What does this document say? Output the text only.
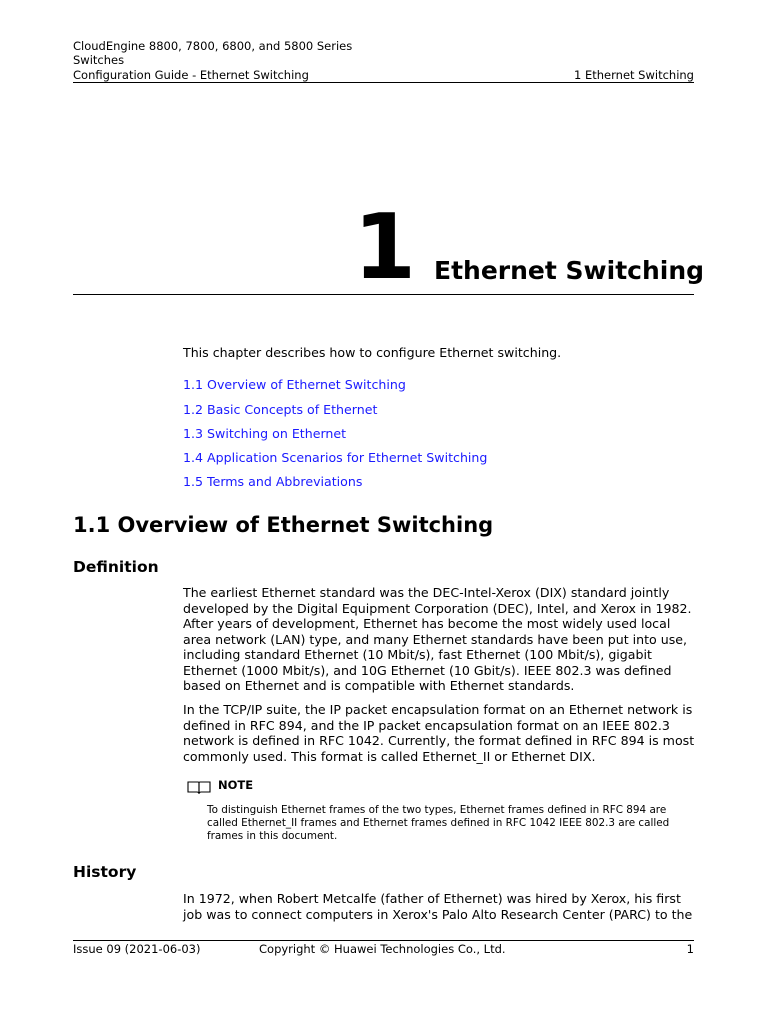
CloudEngine 8800, 7800, 6800, and 5800 Series
Switches
Configuration Guide - Ethernet Switching	1 Ethernet Switching
1 Ethernet Switching
This chapter describes how to configure Ethernet switching.
1.1 Overview of Ethernet Switching
1.2 Basic Concepts of Ethernet
1.3 Switching on Ethernet
1.4 Application Scenarios for Ethernet Switching
1.5 Terms and Abbreviations
1.1 Overview of Ethernet Switching
Definition
The earliest Ethernet standard was the DEC-Intel-Xerox (DIX) standard jointly developed by the Digital Equipment Corporation (DEC), Intel, and Xerox in 1982. After years of development, Ethernet has become the most widely used local area network (LAN) type, and many Ethernet standards have been put into use, including standard Ethernet (10 Mbit/s), fast Ethernet (100 Mbit/s), gigabit Ethernet (1000 Mbit/s), and 10G Ethernet (10 Gbit/s). IEEE 802.3 was defined based on Ethernet and is compatible with Ethernet standards.
In the TCP/IP suite, the IP packet encapsulation format on an Ethernet network is defined in RFC 894, and the IP packet encapsulation format on an IEEE 802.3 network is defined in RFC 1042. Currently, the format defined in RFC 894 is most commonly used. This format is called Ethernet_II or Ethernet DIX.
NOTE
To distinguish Ethernet frames of the two types, Ethernet frames defined in RFC 894 are called Ethernet_II frames and Ethernet frames defined in RFC 1042 IEEE 802.3 are called frames in this document.
History
In 1972, when Robert Metcalfe (father of Ethernet) was hired by Xerox, his first job was to connect computers in Xerox's Palo Alto Research Center (PARC) to the
Issue 09 (2021-06-03)	Copyright © Huawei Technologies Co., Ltd.	1
